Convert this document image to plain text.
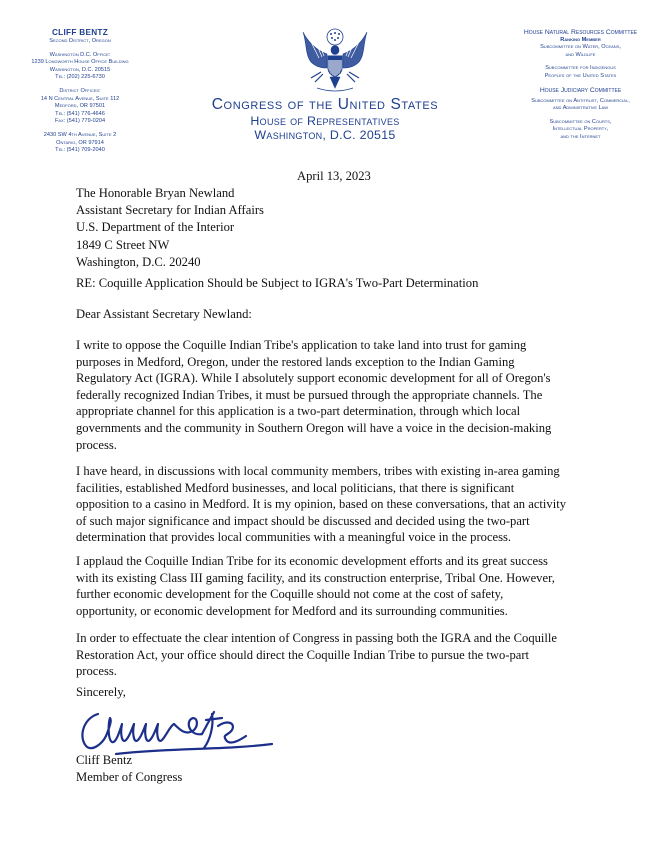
CLIFF BENTZ
Second District, Oregon
Washington D.C. Office:
1239 Longworth House Office Building
Washington, D.C. 20515
Tel: (202) 225-6730
District Offices:
14 N Central Avenue, Suite 112
Medford, OR 97501
Tel: (541) 776-4646
Fax: (541) 779-0204
2430 SW 4th Avenue, Suite 2
Ontario, OR 97914
Tel: (541) 709-2040
Congress of the United States
House of Representatives
Washington, D.C. 20515
House Natural Resources Committee
Ranking Member
Subcommittee on Water, Oceans,
and Wildlife
Subcommittee for Indigenous
Peoples of the United States
House Judiciary Committee
Subcommittee on Antitrust, Commercial,
and Administrative Law
Subcommittee on Courts,
Intellectual Property,
and the Internet
April 13, 2023
The Honorable Bryan Newland
Assistant Secretary for Indian Affairs
U.S. Department of the Interior
1849 C Street NW
Washington, D.C. 20240
RE: Coquille Application Should be Subject to IGRA's Two-Part Determination
Dear Assistant Secretary Newland:
I write to oppose the Coquille Indian Tribe's application to take land into trust for gaming
purposes in Medford, Oregon, under the restored lands exception to the Indian Gaming
Regulatory Act (IGRA). While I absolutely support economic development for all of Oregon's
federally recognized Indian Tribes, it must be pursued through the appropriate channels. The
appropriate channel for this application is a two-part determination, through which local
governments and the community in Southern Oregon will have a voice in the decision-making
process.
I have heard, in discussions with local community members, tribes with existing in-area gaming
facilities, established Medford businesses, and local politicians, that there is significant
opposition to a casino in Medford. It is my opinion, based on these conversations, that an activity
of such major significance and impact should be discussed and decided using the two-part
determination that provides local communities with a meaningful voice in the process.
I applaud the Coquille Indian Tribe for its economic development efforts and its great success
with its existing Class III gaming facility, and its construction enterprise, Tribal One. However,
further economic development for the Coquille should not come at the cost of safety,
opportunity, or economic development for Medford and its surrounding communities.
In order to effectuate the clear intention of Congress in passing both the IGRA and the Coquille
Restoration Act, your office should direct the Coquille Indian Tribe to pursue the two-part
process.
Sincerely,
Cliff Bentz
Member of Congress
